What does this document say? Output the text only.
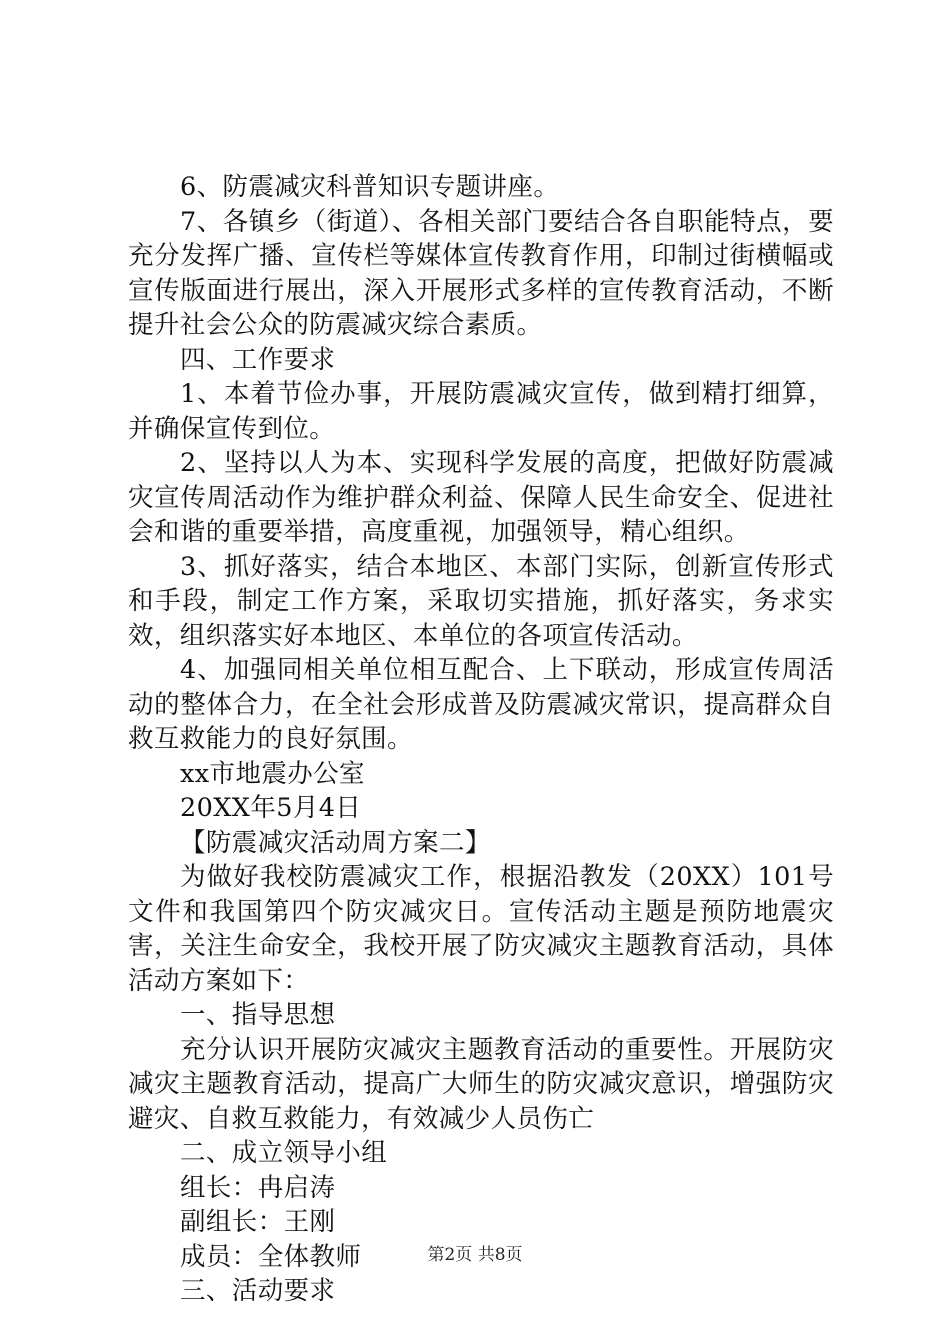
6、防震减灾科普知识专题讲座。

7、各镇乡（街道）、各相关部门要结合各自职能特点，要充分发挥广播、宣传栏等媒体宣传教育作用，印制过街横幅或宣传版面进行展出，深入开展形式多样的宣传教育活动，不断提升社会公众的防震减灾综合素质。

四、工作要求

1、本着节俭办事，开展防震减灾宣传，做到精打细算，并确保宣传到位。

2、坚持以人为本、实现科学发展的高度，把做好防震减灾宣传周活动作为维护群众利益、保障人民生命安全、促进社会和谐的重要举措，高度重视，加强领导，精心组织。

3、抓好落实，结合本地区、本部门实际，创新宣传形式和手段，制定工作方案，采取切实措施，抓好落实，务求实效，组织落实好本地区、本单位的各项宣传活动。

4、加强同相关单位相互配合、上下联动，形成宣传周活动的整体合力，在全社会形成普及防震减灾常识，提高群众自救互救能力的良好氛围。

xx市地震办公室

20XX年5月4日

【防震减灾活动周方案二】

为做好我校防震减灾工作，根据沿教发（20XX）101号文件和我国第四个防灾减灾日。宣传活动主题是预防地震灾害，关注生命安全，我校开展了防灾减灾主题教育活动，具体活动方案如下：

一、指导思想

充分认识开展防灾减灾主题教育活动的重要性。开展防灾减灾主题教育活动，提高广大师生的防灾减灾意识，增强防灾避灾、自救互救能力，有效减少人员伤亡

二、成立领导小组

组长：冉启涛

副组长：王刚

成员：全体教师

三、活动要求

第2页 共8页
